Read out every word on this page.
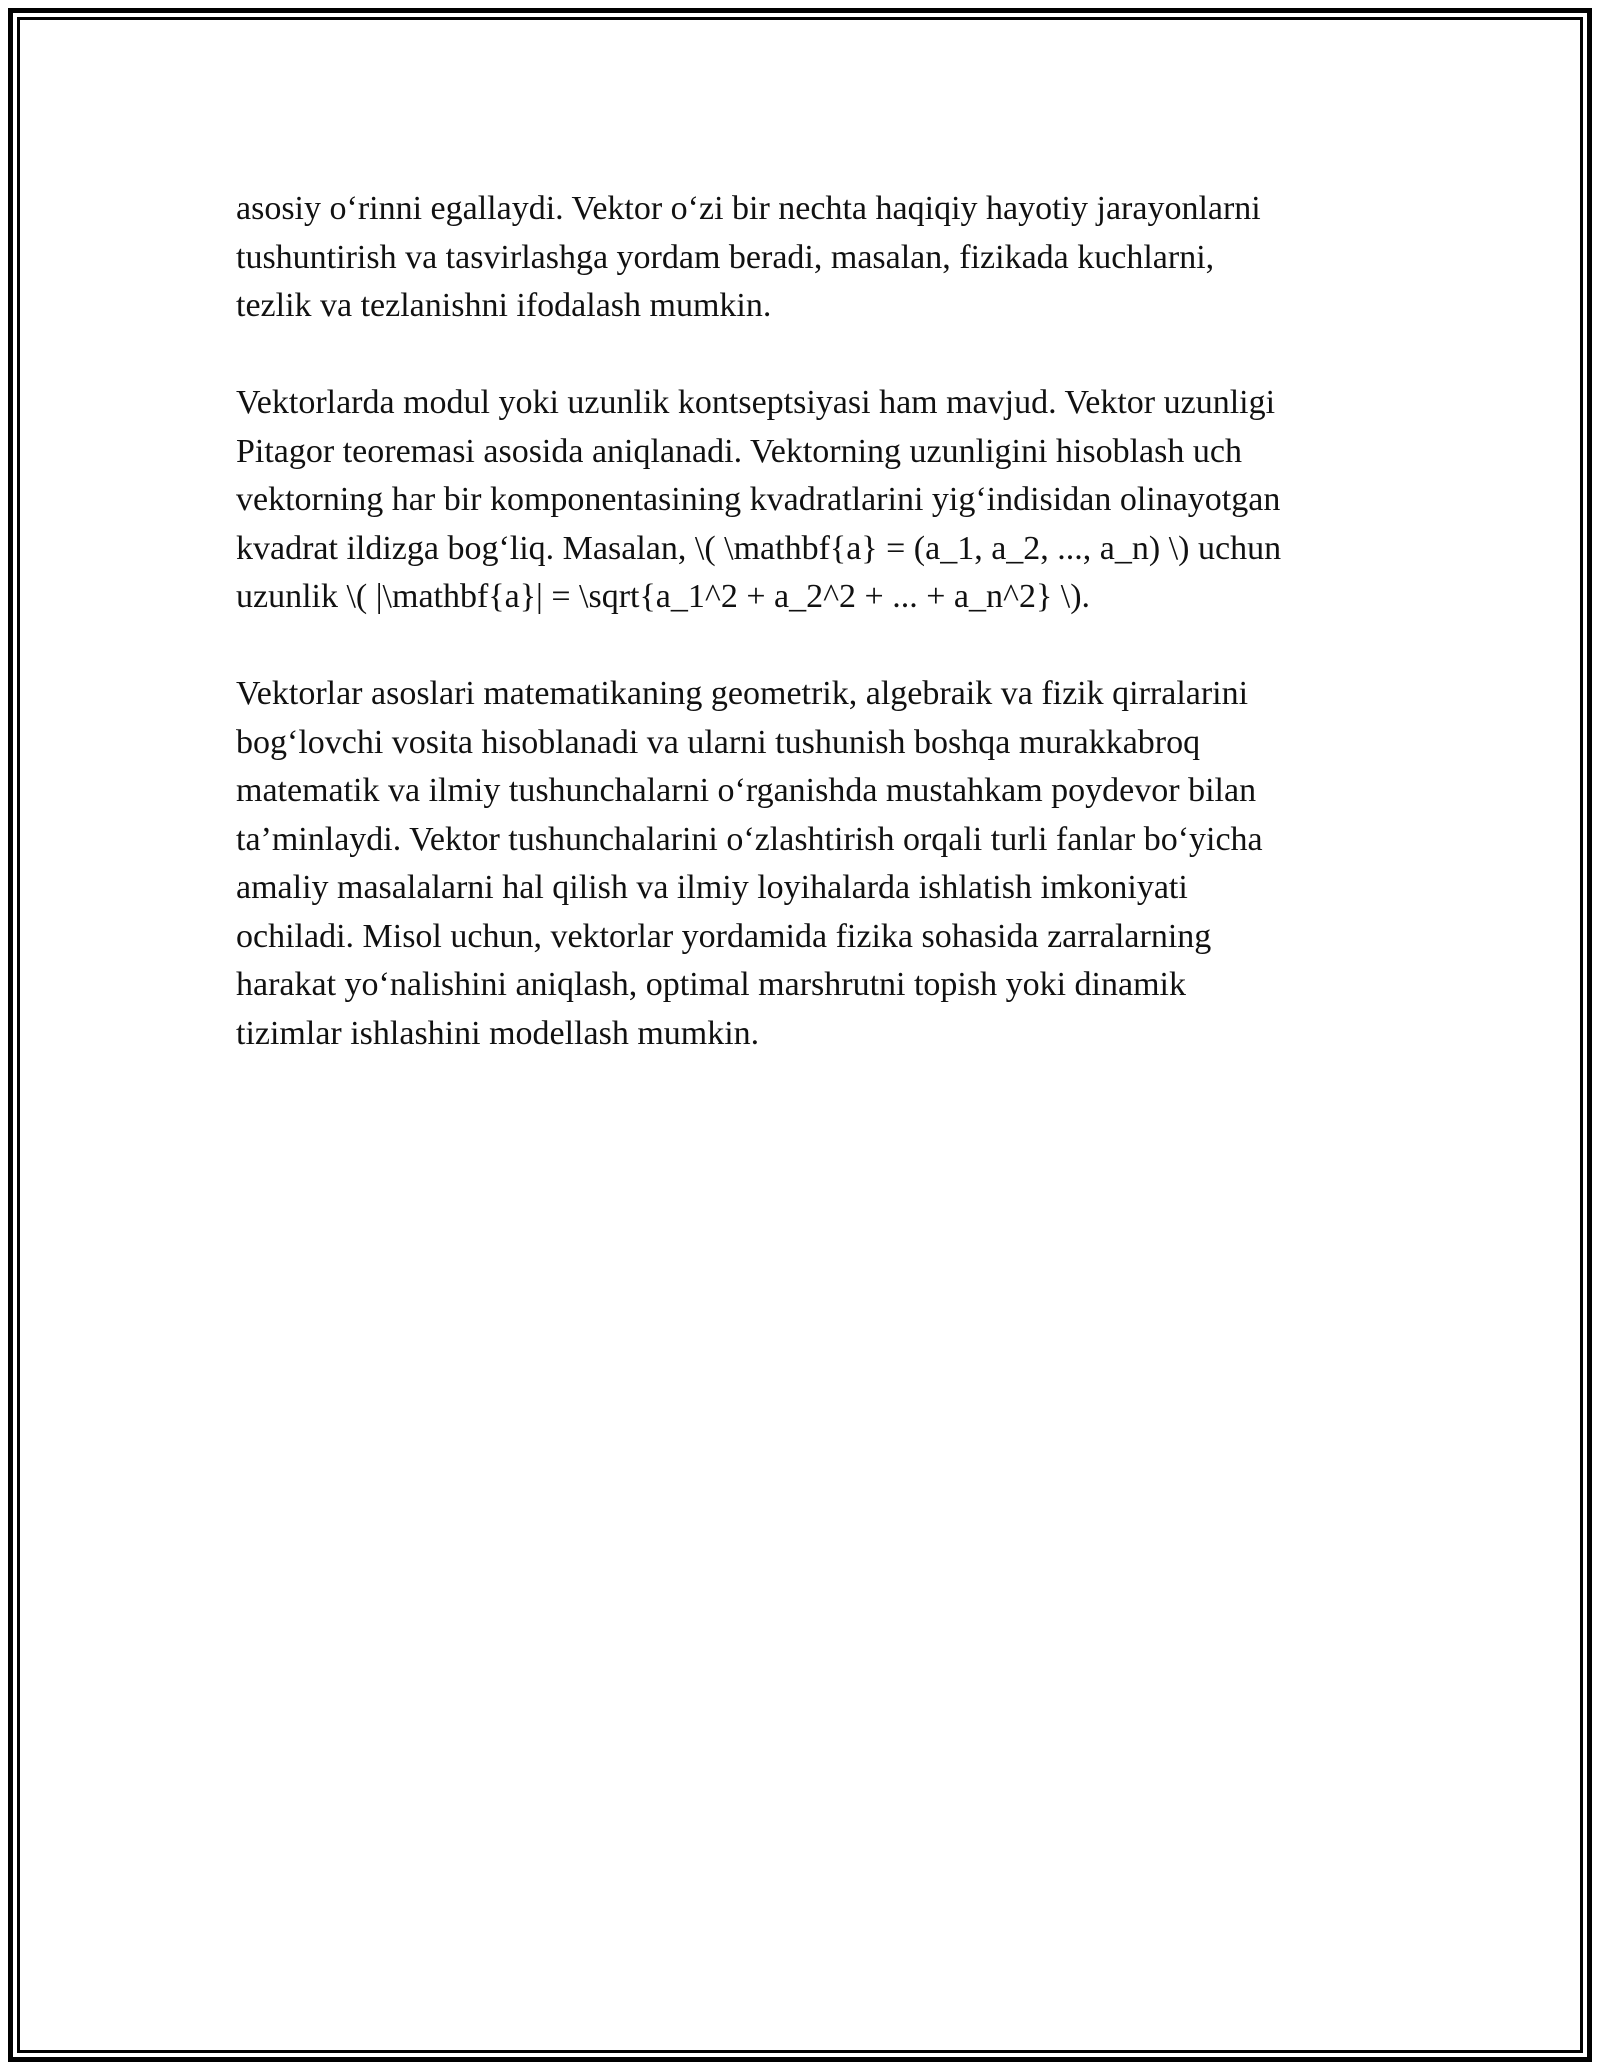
asosiy o‘rinni egallaydi. Vektor o‘zi bir nechta haqiqiy hayotiy jarayonlarni
tushuntirish va tasvirlashga yordam beradi, masalan, fizikada kuchlarni,
tezlik va tezlanishni ifodalash mumkin.

Vektorlarda modul yoki uzunlik kontseptsiyasi ham mavjud. Vektor uzunligi
Pitagor teoremasi asosida aniqlanadi. Vektorning uzunligini hisoblash uch
vektorning har bir komponentasining kvadratlarini yig‘indisidan olinayotgan
kvadrat ildizga bog‘liq. Masalan, \( \mathbf{a} = (a_1, a_2, ..., a_n) \) uchun
uzunlik \( |\mathbf{a}| = \sqrt{a_1^2 + a_2^2 + ... + a_n^2} \).

Vektorlar asoslari matematikaning geometrik, algebraik va fizik qirralarini
bog‘lovchi vosita hisoblanadi va ularni tushunish boshqa murakkabroq
matematik va ilmiy tushunchalarni o‘rganishda mustahkam poydevor bilan
ta’minlaydi. Vektor tushunchalarini o‘zlashtirish orqali turli fanlar bo‘yicha
amaliy masalalarni hal qilish va ilmiy loyihalarda ishlatish imkoniyati
ochiladi. Misol uchun, vektorlar yordamida fizika sohasida zarralarning
harakat yo‘nalishini aniqlash, optimal marshrutni topish yoki dinamik
tizimlar ishlashini modellash mumkin.
